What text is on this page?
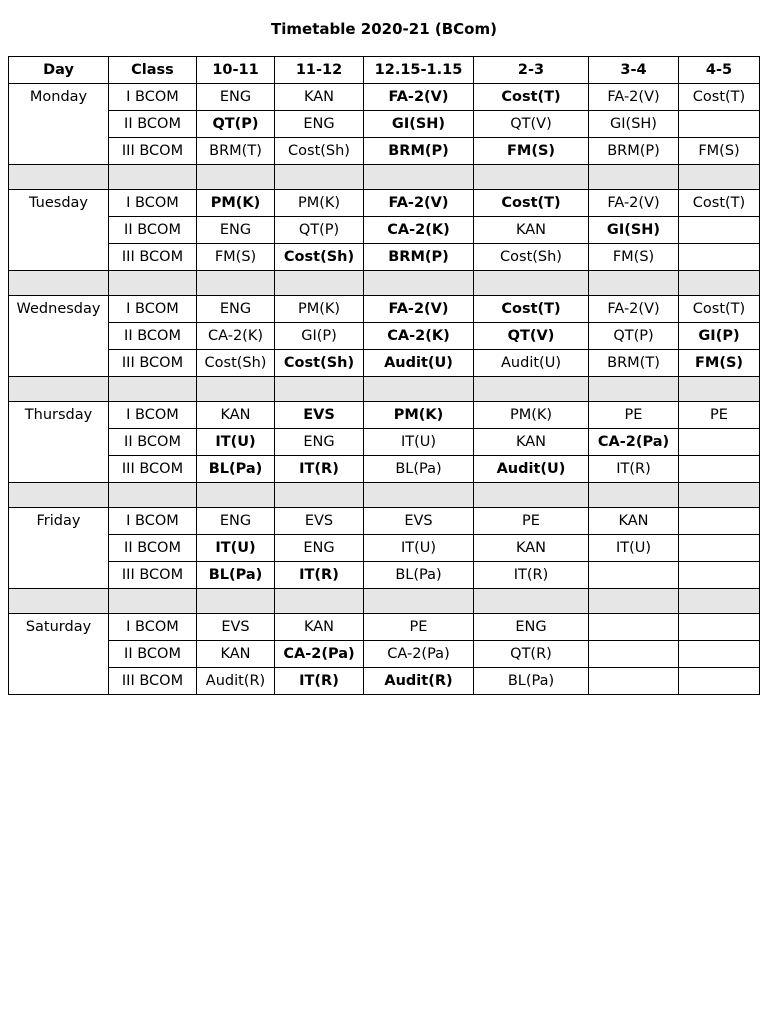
Timetable 2020-21 (BCom)
Day	Class	10-11	11-12	12.15-1.15	2-3	3-4	4-5
Monday	I BCOM	ENG	KAN	FA-2(V)	Cost(T)	FA-2(V)	Cost(T)
	II BCOM	QT(P)	ENG	GI(SH)	QT(V)	GI(SH)	
	III BCOM	BRM(T)	Cost(Sh)	BRM(P)	FM(S)	BRM(P)	FM(S)

Tuesday	I BCOM	PM(K)	PM(K)	FA-2(V)	Cost(T)	FA-2(V)	Cost(T)
	II BCOM	ENG	QT(P)	CA-2(K)	KAN	GI(SH)	
	III BCOM	FM(S)	Cost(Sh)	BRM(P)	Cost(Sh)	FM(S)	

Wednesday	I BCOM	ENG	PM(K)	FA-2(V)	Cost(T)	FA-2(V)	Cost(T)
	II BCOM	CA-2(K)	GI(P)	CA-2(K)	QT(V)	QT(P)	GI(P)
	III BCOM	Cost(Sh)	Cost(Sh)	Audit(U)	Audit(U)	BRM(T)	FM(S)

Thursday	I BCOM	KAN	EVS	PM(K)	PM(K)	PE	PE
	II BCOM	IT(U)	ENG	IT(U)	KAN	CA-2(Pa)	
	III BCOM	BL(Pa)	IT(R)	BL(Pa)	Audit(U)	IT(R)	

Friday	I BCOM	ENG	EVS	EVS	PE	KAN	
	II BCOM	IT(U)	ENG	IT(U)	KAN	IT(U)	
	III BCOM	BL(Pa)	IT(R)	BL(Pa)	IT(R)		

Saturday	I BCOM	EVS	KAN	PE	ENG		
	II BCOM	KAN	CA-2(Pa)	CA-2(Pa)	QT(R)		
	III BCOM	Audit(R)	IT(R)	Audit(R)	BL(Pa)		
